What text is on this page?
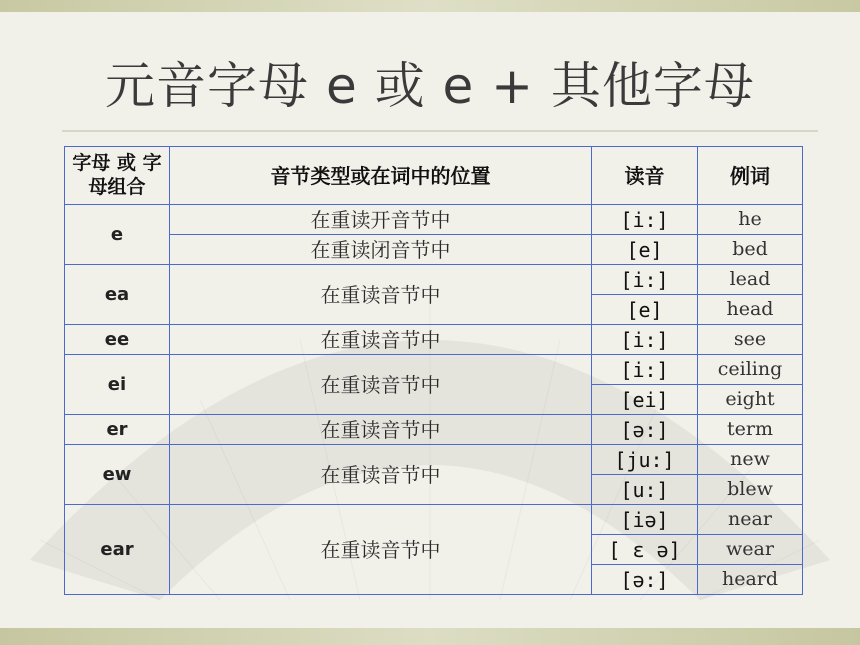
元音字母 e 或 e + 其他字母
字母 或 字母组合	音节类型或在词中的位置	读音	例词
e	在重读开音节中	[i:]	he
	在重读闭音节中	[e]	bed
ea	在重读音节中	[i:]	lead
		[e]	head
ee	在重读音节中	[i:]	see
ei	在重读音节中	[i:]	ceiling
		[ei]	eight
er	在重读音节中	[ə:]	term
ew	在重读音节中	[ju:]	new
		[u:]	blew
ear	在重读音节中	[iə]	near
		[ ɛ ə]	wear
		[ə:]	heard
